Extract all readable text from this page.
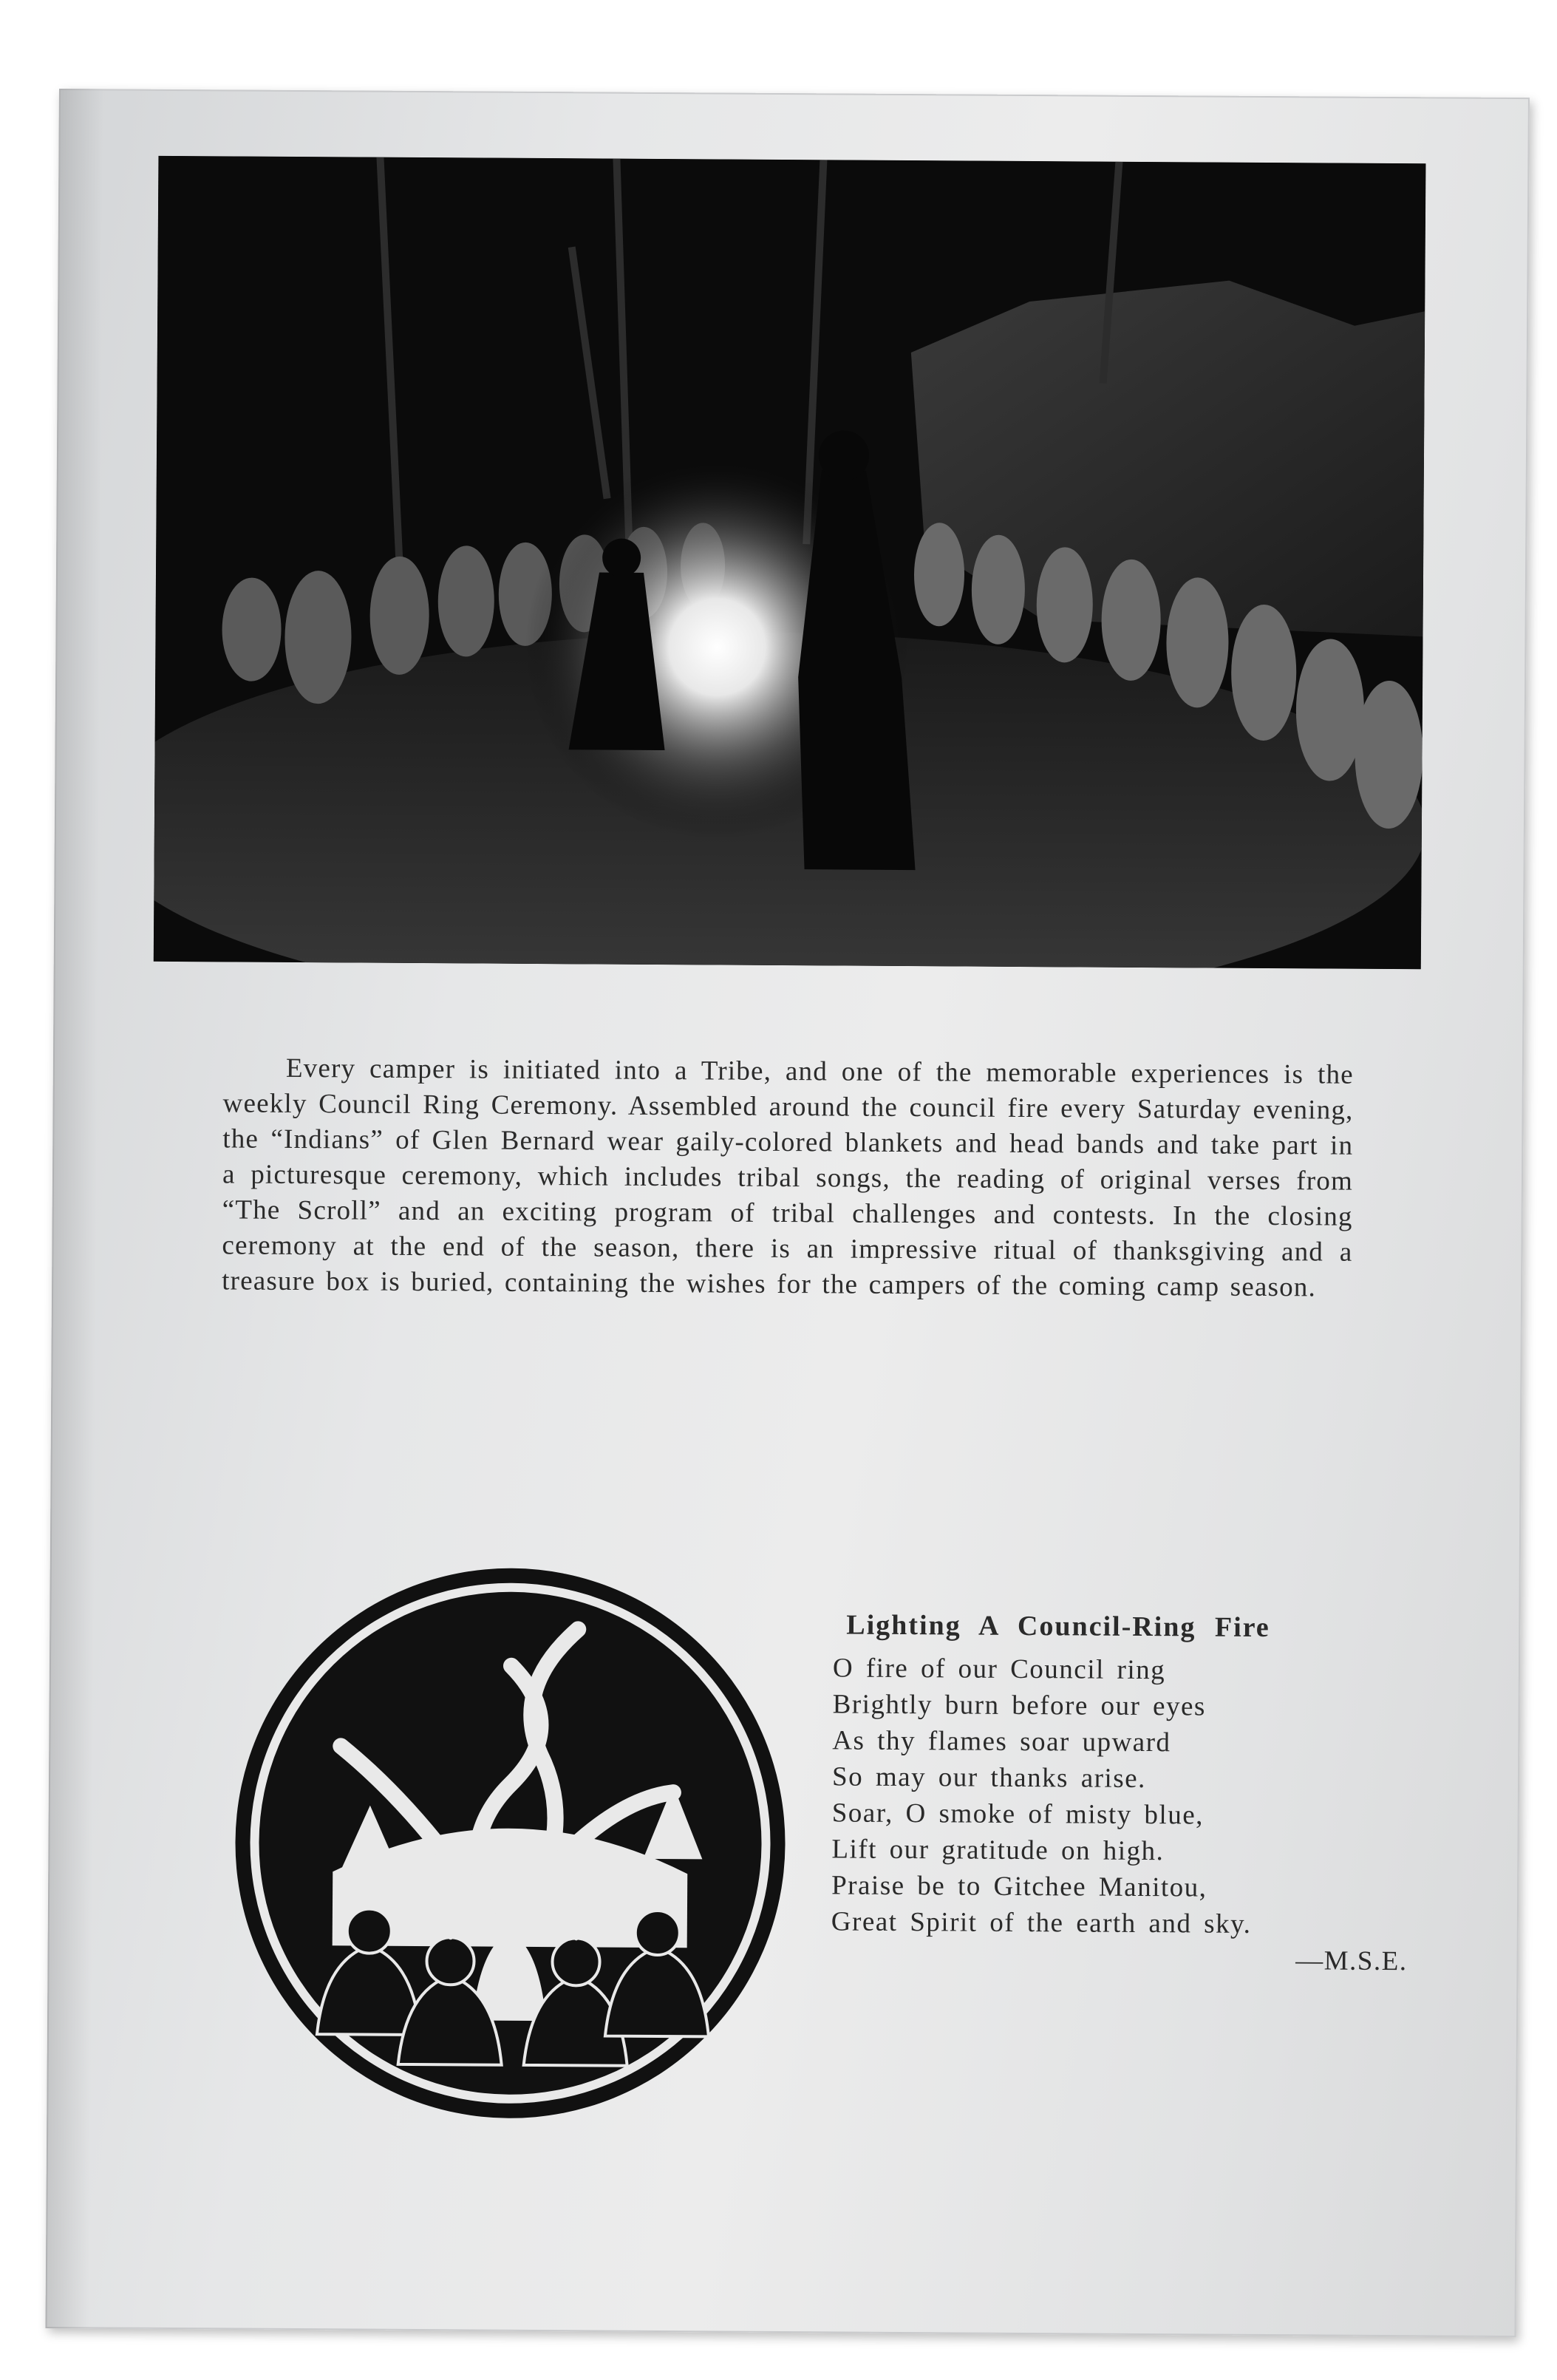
Every camper is initiated into a Tribe, and one of the memorable experiences is the weekly Council Ring Ceremony. Assembled around the council fire every Saturday evening, the “Indians” of Glen Bernard wear gaily-colored blankets and head bands and take part in a picturesque ceremony, which includes tribal songs, the reading of original verses from “The Scroll” and an exciting program of tribal challenges and contests. In the closing ceremony at the end of the season, there is an impressive ritual of thanksgiving and a treasure box is buried, containing the wishes for the campers of the coming camp season.
Lighting A Council-Ring Fire
O fire of our Council ring
Brightly burn before our eyes
As thy flames soar upward
So may our thanks arise.
Soar, O smoke of misty blue,
Lift our gratitude on high.
Praise be to Gitchee Manitou,
Great Spirit of the earth and sky.
—M.S.E.
